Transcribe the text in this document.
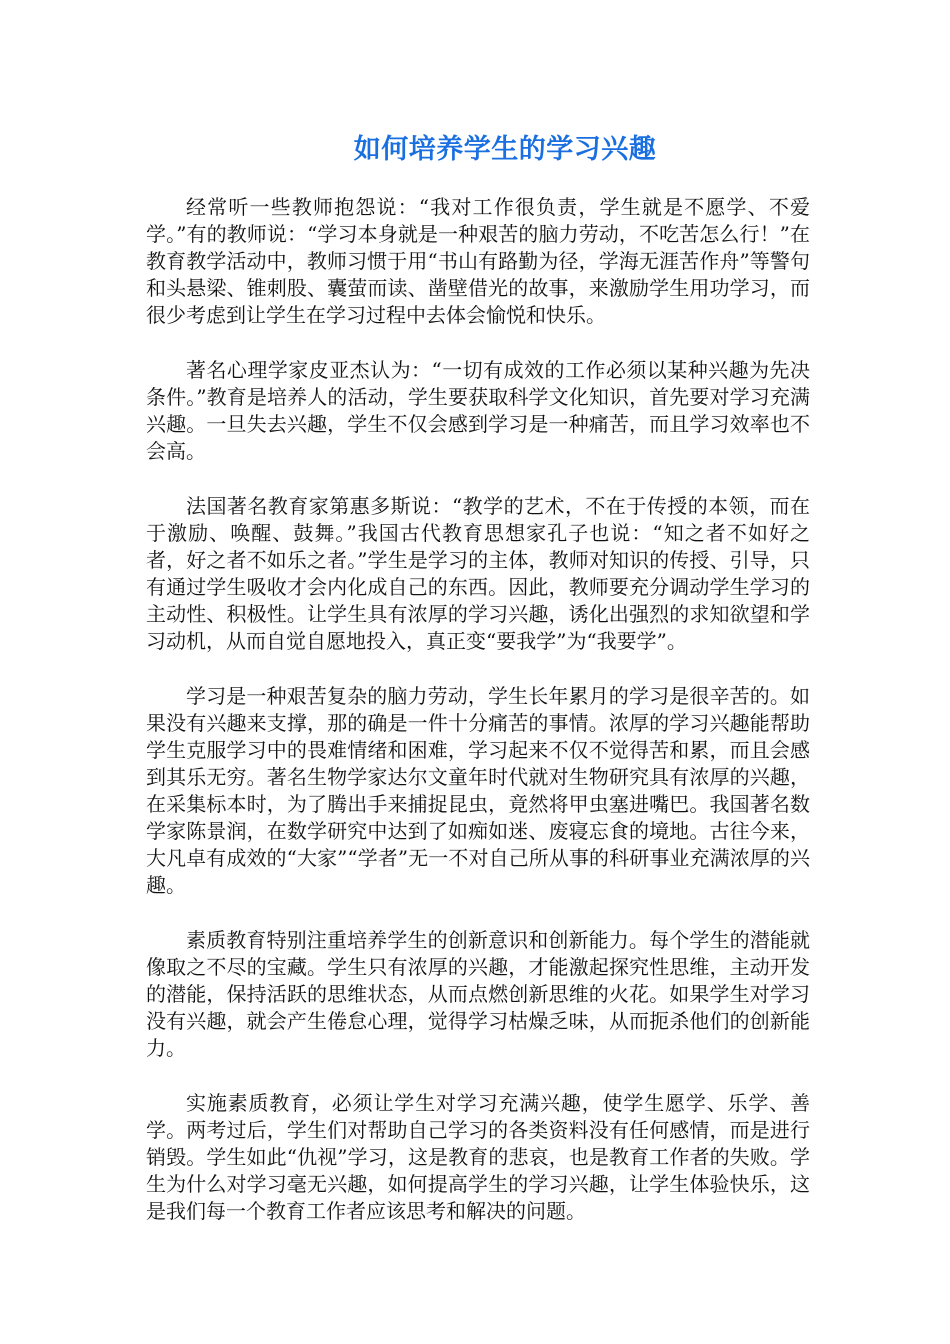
如何培养学生的学习兴趣

经常听一些教师抱怨说：“我对工作很负责，学生就是不愿学、不爱学。”有的教师说：“学习本身就是一种艰苦的脑力劳动，不吃苦怎么行！”在教育教学活动中，教师习惯于用“书山有路勤为径，学海无涯苦作舟”等警句和头悬梁、锥刺股、囊萤而读、凿壁借光的故事，来激励学生用功学习，而很少考虑到让学生在学习过程中去体会愉悦和快乐。

著名心理学家皮亚杰认为：“一切有成效的工作必须以某种兴趣为先决条件。”教育是培养人的活动，学生要获取科学文化知识，首先要对学习充满兴趣。一旦失去兴趣，学生不仅会感到学习是一种痛苦，而且学习效率也不会高。

法国著名教育家第惠多斯说：“教学的艺术，不在于传授的本领，而在于激励、唤醒、鼓舞。”我国古代教育思想家孔子也说：“知之者不如好之者，好之者不如乐之者。”学生是学习的主体，教师对知识的传授、引导，只有通过学生吸收才会内化成自己的东西。因此，教师要充分调动学生学习的主动性、积极性。让学生具有浓厚的学习兴趣，诱化出强烈的求知欲望和学习动机，从而自觉自愿地投入，真正变“要我学”为“我要学”。

学习是一种艰苦复杂的脑力劳动，学生长年累月的学习是很辛苦的。如果没有兴趣来支撑，那的确是一件十分痛苦的事情。浓厚的学习兴趣能帮助学生克服学习中的畏难情绪和困难，学习起来不仅不觉得苦和累，而且会感到其乐无穷。著名生物学家达尔文童年时代就对生物研究具有浓厚的兴趣，在采集标本时，为了腾出手来捕捉昆虫，竟然将甲虫塞进嘴巴。我国著名数学家陈景润，在数学研究中达到了如痴如迷、废寝忘食的境地。古往今来，大凡卓有成效的“大家”“学者”无一不对自己所从事的科研事业充满浓厚的兴趣。

素质教育特别注重培养学生的创新意识和创新能力。每个学生的潜能就像取之不尽的宝藏。学生只有浓厚的兴趣，才能激起探究性思维，主动开发的潜能，保持活跃的思维状态，从而点燃创新思维的火花。如果学生对学习没有兴趣，就会产生倦怠心理，觉得学习枯燥乏味，从而扼杀他们的创新能力。

实施素质教育，必须让学生对学习充满兴趣，使学生愿学、乐学、善学。两考过后，学生们对帮助自己学习的各类资料没有任何感情，而是进行销毁。学生如此“仇视”学习，这是教育的悲哀，也是教育工作者的失败。学生为什么对学习毫无兴趣，如何提高学生的学习兴趣，让学生体验快乐，这是我们每一个教育工作者应该思考和解决的问题。
